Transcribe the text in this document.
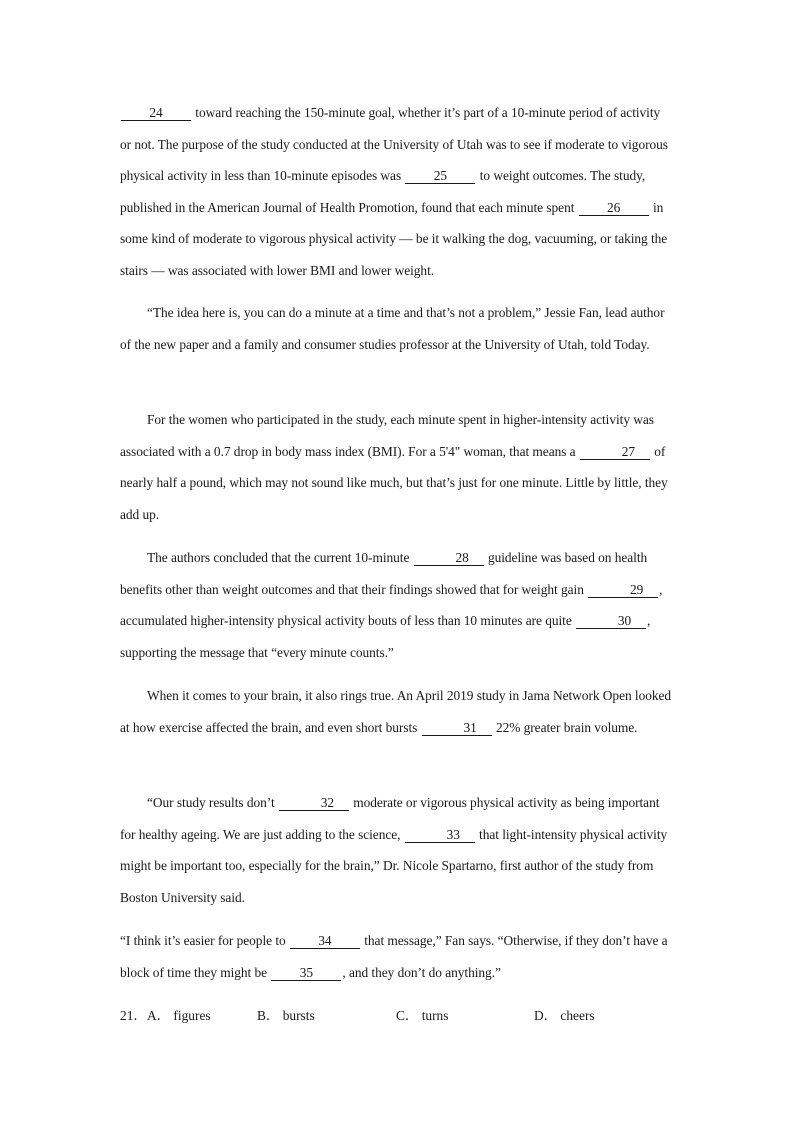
24 toward reaching the 150-minute goal, whether it’s part of a 10-minute period of activity or not. The purpose of the study conducted at the University of Utah was to see if moderate to vigorous physical activity in less than 10-minute episodes was 25 to weight outcomes. The study, published in the American Journal of Health Promotion, found that each minute spent 26 in some kind of moderate to vigorous physical activity — be it walking the dog, vacuuming, or taking the stairs — was associated with lower BMI and lower weight.

“The idea here is, you can do a minute at a time and that’s not a problem,” Jessie Fan, lead author of the new paper and a family and consumer studies professor at the University of Utah, told Today.

For the women who participated in the study, each minute spent in higher-intensity activity was associated with a 0.7 drop in body mass index (BMI). For a 5'4" woman, that means a	27 of nearly half a pound, which may not sound like much, but that’s just for one minute. Little by little, they add up.

The authors concluded that the current 10-minute	28 guideline was based on health benefits other than weight outcomes and that their findings showed that for weight gain	29 , accumulated higher-intensity physical activity bouts of less than 10 minutes are quite	30 , supporting the message that “every minute counts.”

When it comes to your brain, it also rings true. An April 2019 study in Jama Network Open looked at how exercise affected the brain, and even short bursts	31 22% greater brain volume.

“Our study results don’t	32 moderate or vigorous physical activity as being important for healthy ageing. We are just adding to the science,	33 that light-intensity physical activity might be important too, especially for the brain,” Dr. Nicole Spartarno, first author of the study from Boston University said.

“I think it’s easier for people to 34 that message,” Fan says. “Otherwise, if they don’t have a block of time they might be 35 , and they don’t do anything.”

21． A． figures	B． bursts	C． turns	D． cheers
